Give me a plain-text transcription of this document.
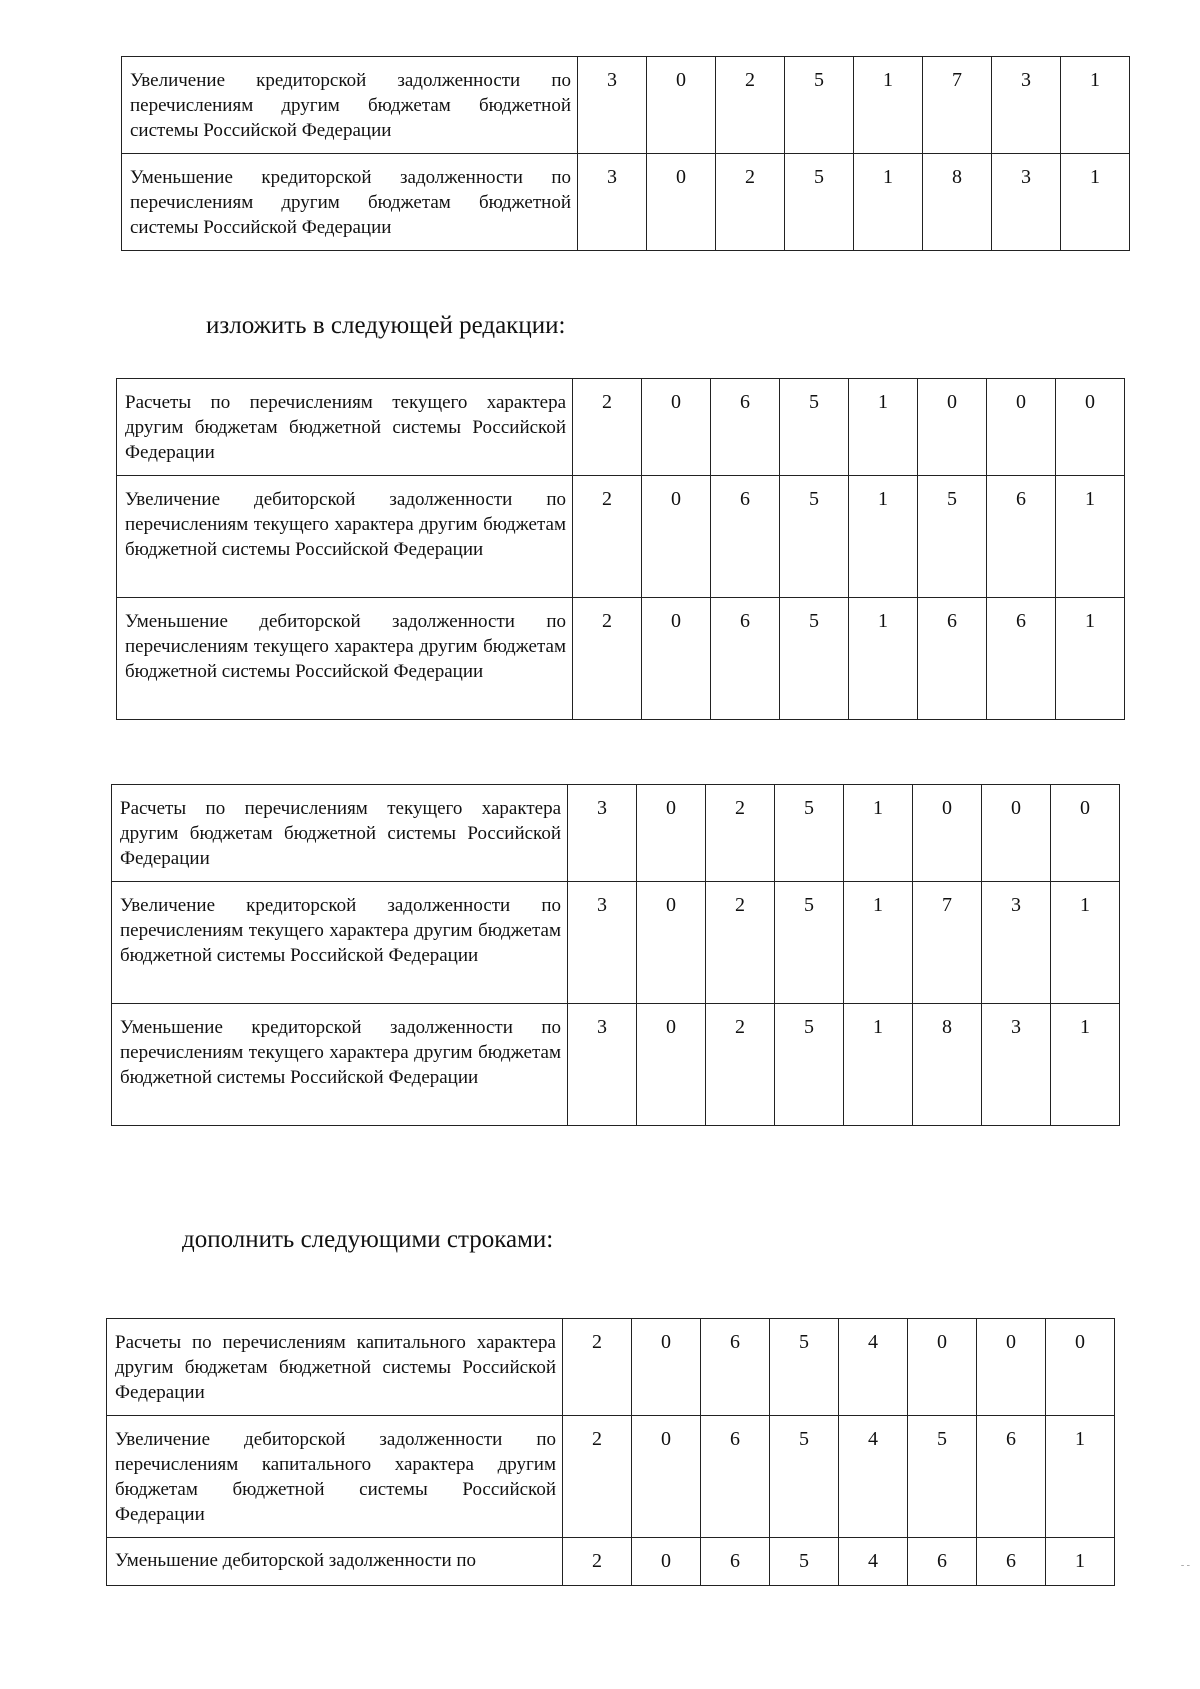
Увеличение кредиторской задолженности по перечислениям другим бюджетам бюджетной системы Российской Федерации	3	0	2	5	1	7	3	1
Уменьшение кредиторской задолженности по перечислениям другим бюджетам бюджетной системы Российской Федерации	3	0	2	5	1	8	3	1
изложить в следующей редакции:
Расчеты по перечислениям текущего характера другим бюджетам бюджетной системы Российской Федерации	2	0	6	5	1	0	0	0
Увеличение дебиторской задолженности по перечислениям текущего характера другим бюджетам бюджетной системы Российской Федерации	2	0	6	5	1	5	6	1
Уменьшение дебиторской задолженности по перечислениям текущего характера другим бюджетам бюджетной системы Российской Федерации	2	0	6	5	1	6	6	1
Расчеты по перечислениям текущего характера другим бюджетам бюджетной системы Российской Федерации	3	0	2	5	1	0	0	0
Увеличение кредиторской задолженности по перечислениям текущего характера другим бюджетам бюджетной системы Российской Федерации	3	0	2	5	1	7	3	1
Уменьшение кредиторской задолженности по перечислениям текущего характера другим бюджетам бюджетной системы Российской Федерации	3	0	2	5	1	8	3	1
дополнить следующими строками:
Расчеты по перечислениям капитального характера другим бюджетам бюджетной системы Российской Федерации	2	0	6	5	4	0	0	0
Увеличение дебиторской задолженности по перечислениям капитального характера другим бюджетам бюджетной системы Российской Федерации	2	0	6	5	4	5	6	1
Уменьшение дебиторской задолженности по	2	0	6	5	4	6	6	1	- -
